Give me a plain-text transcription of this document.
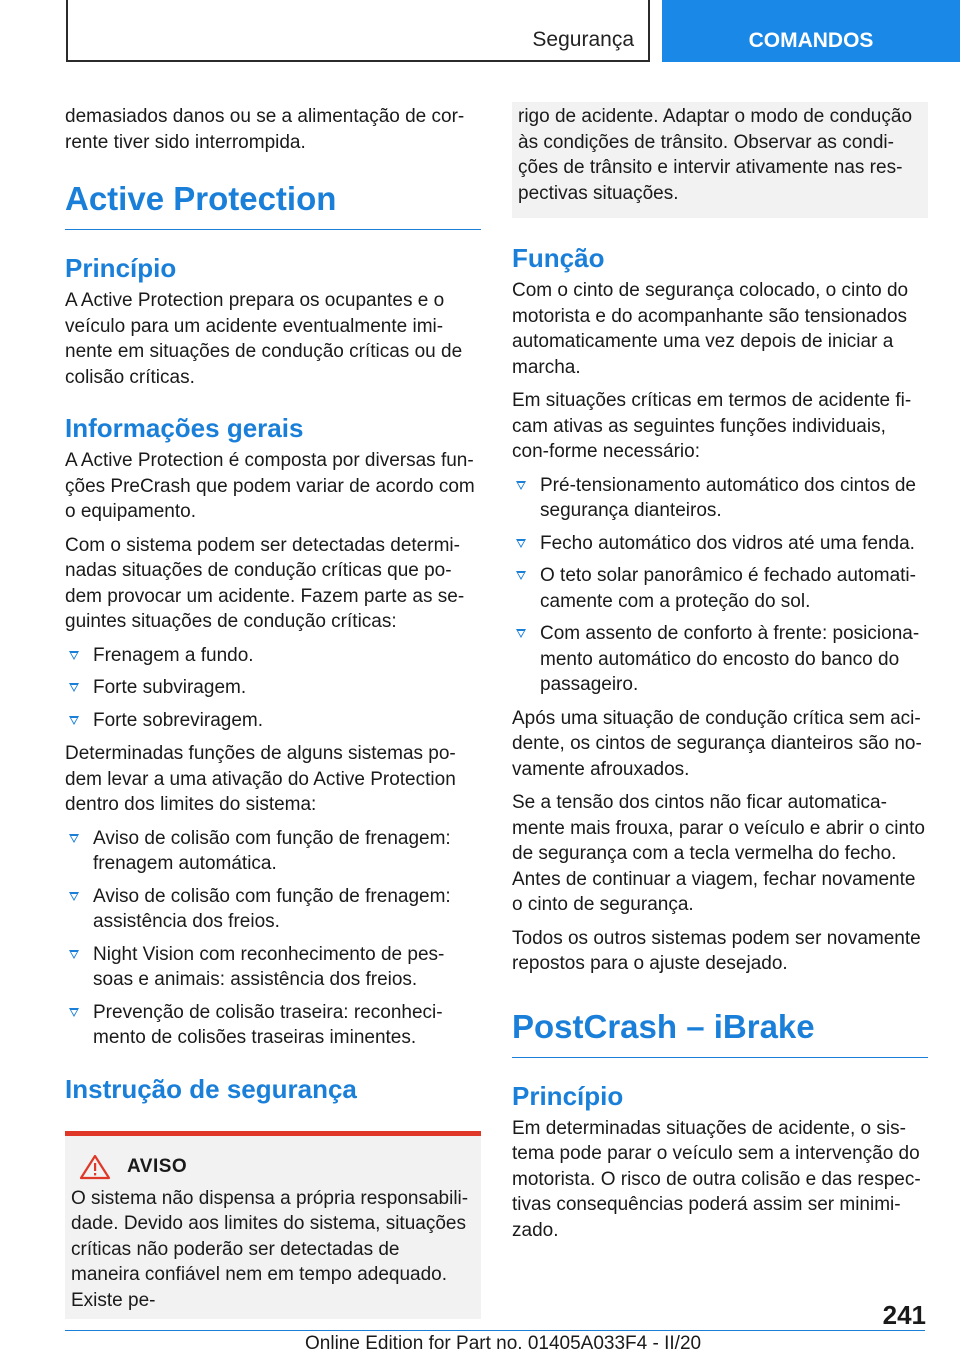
Segurança	COMANDOS

demasiados danos ou se a alimentação de cor-rente tiver sido interrompida.

Active Protection
Princípio

A Active Protection prepara os ocupantes e o veículo para um acidente eventualmente imi-nente em situações de condução críticas ou de colisão críticas.

Informações gerais

A Active Protection é composta por diversas fun-ções PreCrash que podem variar de acordo com o equipamento.

Com o sistema podem ser detectadas determi-nadas situações de condução críticas que po-dem provocar um acidente. Fazem parte as se-guintes situações de condução críticas:

Frenagem a fundo.
Forte subviragem.
Forte sobreviragem.

Determinadas funções de alguns sistemas po-dem levar a uma ativação do Active Protection dentro dos limites do sistema:

Aviso de colisão com função de frenagem: frenagem automática.
Aviso de colisão com função de frenagem: assistência dos freios.
Night Vision com reconhecimento de pes-soas e animais: assistência dos freios.
Prevenção de colisão traseira: reconheci-mento de colisões traseiras iminentes.
Instrução de segurança
AVISO

O sistema não dispensa a própria responsabili-dade. Devido aos limites do sistema, situações críticas não poderão ser detectadas de maneira confiável nem em tempo adequado. Existe pe-

rigo de acidente. Adaptar o modo de condução às condições de trânsito. Observar as condi-ções de trânsito e intervir ativamente nas res-pectivas situações.

Função

Com o cinto de segurança colocado, o cinto do motorista e do acompanhante são tensionados automaticamente uma vez depois de iniciar a marcha.

Em situações críticas em termos de acidente fi-cam ativas as seguintes funções individuais, con-forme necessário:

Pré-tensionamento automático dos cintos de segurança dianteiros.
Fecho automático dos vidros até uma fenda.
O teto solar panorâmico é fechado automati-camente com a proteção do sol.
Com assento de conforto à frente: posiciona-mento automático do encosto do banco do passageiro.

Após uma situação de condução crítica sem aci-dente, os cintos de segurança dianteiros são no-vamente afrouxados.

Se a tensão dos cintos não ficar automatica-mente mais frouxa, parar o veículo e abrir o cinto de segurança com a tecla vermelha do fecho. Antes de continuar a viagem, fechar novamente o cinto de segurança.

Todos os outros sistemas podem ser novamente repostos para o ajuste desejado.

PostCrash – iBrake
Princípio

Em determinadas situações de acidente, o sis-tema pode parar o veículo sem a intervenção do motorista. O risco de outra colisão e das respec-tivas consequências poderá assim ser minimi-zado.

241
Online Edition for Part no. 01405A033F4 - II/20
